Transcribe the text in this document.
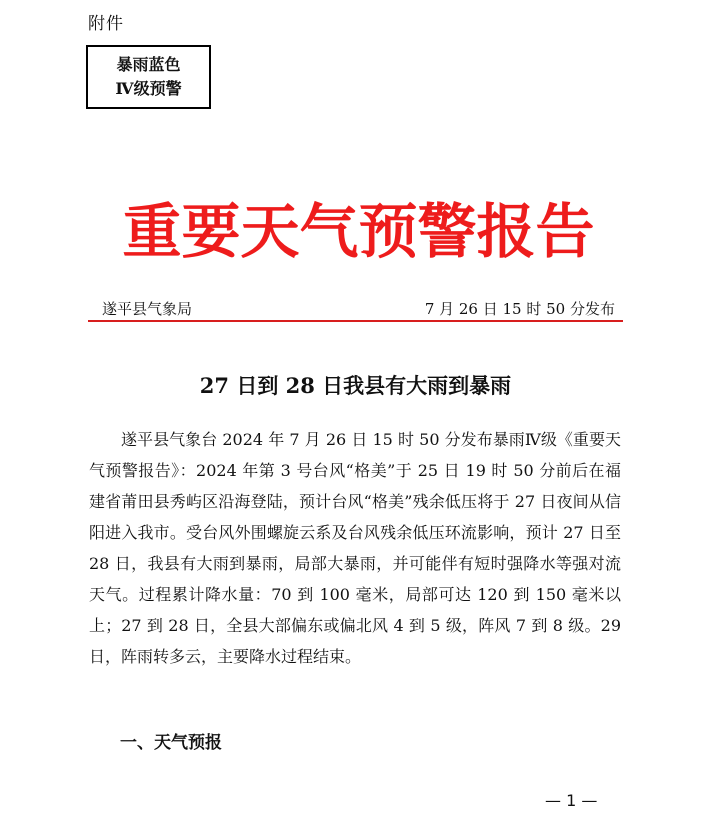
附件
暴雨蓝色
Ⅳ级预警
重要天气预警报告
遂平县气象局	7 月 26 日 15 时 50 分发布
27 日到 28 日我县有大雨到暴雨
遂平县气象台 2024 年 7 月 26 日 15 时 50 分发布暴雨Ⅳ级《重要天气预警报告》：2024 年第 3 号台风“格美”于 25 日 19 时 50 分前后在福建省莆田县秀屿区沿海登陆，预计台风“格美”残余低压将于 27 日夜间从信阳进入我市。受台风外围螺旋云系及台风残余低压环流影响，预计 27 日至 28 日，我县有大雨到暴雨，局部大暴雨，并可能伴有短时强降水等强对流天气。过程累计降水量：70 到 100 毫米，局部可达 120 到 150 毫米以上；27 到 28 日，全县大部偏东或偏北风 4 到 5 级，阵风 7 到 8 级。29 日，阵雨转多云，主要降水过程结束。
一、天气预报
— 1 —
